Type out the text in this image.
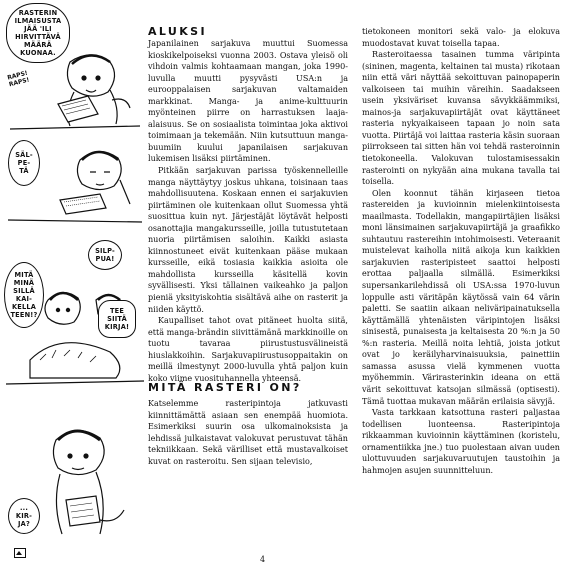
RASTERIN
ILMAISUSTA
JÄÄ 'ILI
HIRVITTÄVÄ
MÄÄRÄ
KUONAA.
RAPS!
RAPS!
SÄL-
PE-
TÄ
SILP-
PUA!
MITÄ
MINÄ
SILLÄ
KAI-
KELLA
TEEN!?	TEE
SIITÄ
KIRJA!
...
KIR-
JA?
ALUKSI

Japanilainen sarjakuva muuttui Suomessa kioskikelpoiseksi vuonna 2003. Ostava yleisö oli vihdoin valmis kohtaamaan mangan, joka 1990-luvulla muutti pysyvästi USA:n ja eurooppalaisen sarjakuvan valtamaiden markkinat. Manga- ja anime-kulttuurin myönteinen piirre on harrastuksen laaja-alaisuus. Se on sosiaalista toimintaa joka aktivoi toimimaan ja tekemään. Niin kutsuttuun manga-buumiin kuului japanilaisen sarjakuvan lukemisen lisäksi piirtäminen.

Pitkään sarjakuvan parissa työskennelleille manga näyttäytyy joskus uhkana, toisinaan taas mahdollisuutena. Koskaan ennen ei sarjakuvien piirtäminen ole kuitenkaan ollut Suomessa yhtä suosittua kuin nyt. Järjestäjät löytävät helposti osanottajia mangakursseille, joilla tutustutetaan nuoria piirtämisen saloihin. Kaikki asiasta kiinnostuneet eivät kuitenkaan pääse mukaan kursseille, eikä tosiasia kaikkia asioita ole mahdollista kursseilla käsitellä kovin syvällisesti. Yksi tällainen vaikeahko ja paljon pieniä yksityiskohtia sisältävä aihe on rasterit ja niiden käyttö.

Kaupalliset tahot ovat pitäneet huolta siitä, että manga-brändin siivittämänä markkinoille on tuotu tavaraa piirustustusvälineistä hiuslakkoihin. Sarjakuvapiirustusoppaitakin on meillä ilmestynyt 2000-luvulla yhtä paljon kuin koko viime vuosituhannella yhteensä.

MITÄ RASTERI ON?

Katselemme rasteripintoja jatkuvasti kiinnittämättä asiaan sen enempää huomiota. Esimerkiksi suurin osa ulkomainoksista ja lehdissä julkaistavat valokuvat perustuvat tähän tekniikkaan. Sekä värilliset että mustavalkoiset kuvat on rasteroitu. Sen sijaan televisio,

tietokoneen monitori sekä valo- ja elokuva muodostavat kuvat toisella tapaa.

Rasteroitaessa tasainen tumma väripinta (sininen, magenta, keltainen tai musta) rikotaan niin että väri näyttää sekoittuvan painopaperin valkoiseen tai muihin väreihin. Saadakseen usein yksiväriset kuvansa sävykkäämmiksi, mainos-ja sarjakuvapiirtäjät ovat käyttäneet rasteria nykyaikaiseen tapaan jo noin sata vuotta. Piirtäjä voi laittaa rasteria käsin suoraan piirrokseen tai sitten hän voi tehdä rasteroinnin tietokoneella. Valokuvan tulostamisessakin rasterointi on nykyään aina mukana tavalla tai toisella.

Olen koonnut tähän kirjaseen tietoa rastereiden ja kuvioinnin mielenkiintoisesta maailmasta. Todellakin, mangapiirtäjien lisäksi moni länsimainen sarjakuvapiirtäjä ja graafikko suhtautuu rastereihin intohimoisesti. Veteraanit muistelevat kaiholla niitä aikoja kun kaikkien sarjakuvien rasteripisteet saattoi helposti erottaa paljaalla silmällä. Esimerkiksi supersankarilehdissä oli USA:ssa 1970-luvun loppulle asti väritäpän käytössä vain 64 värin paletti. Se saatiin aikaan neliväripainatuksella käyttämällä yhtenäisten väripintojen lisäksi sinisestä, punaisesta ja keltaisesta 20 %:n ja 50 %:n rasteria. Meillä noita lehtiä, joista jotkut ovat jo keräilyharvinaisuuksia, painettiin samassa asussa vielä kymmenen vuotta myöhemmin. Värirasterinkin ideana on että värit sekoittuvat katsojan silmässä (optisesti). Tämä tuottaa mukavan määrän erilaisia sävyjä.

Vasta tarkkaan katsottuna rasteri paljastaa todellisen luonteensa. Rasteripintoja rikkaamman kuvioinnin käyttäminen (koristelu, ornamentiikka jne.) tuo puolestaan aivan uuden ulottuvuuden sarjakuvaruutujen taustoihin ja hahmojen asujen suunnitteluun.

4
